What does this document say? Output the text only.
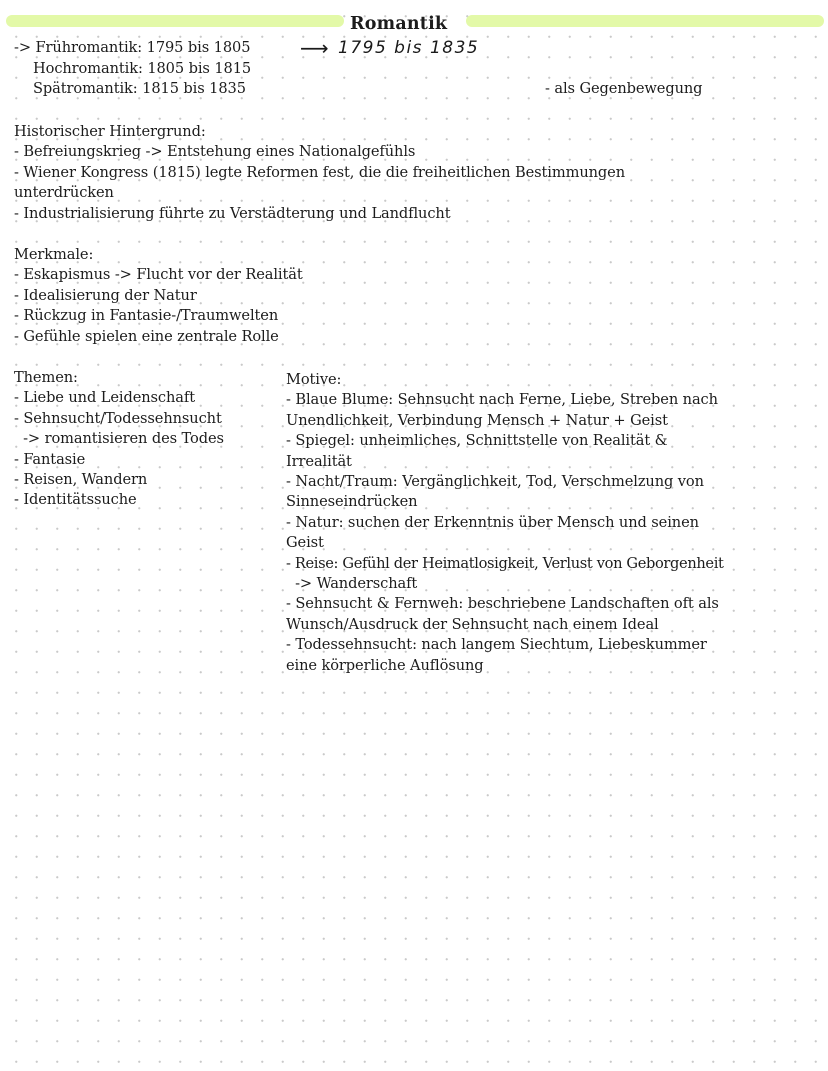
Romantik
-> Frühromantik: 1795 bis 1805
Hochromantik: 1805 bis 1815
Spätromantik: 1815 bis 1835
⟶ 1795 bis 1835
- als Gegenbewegung
Historischer Hintergrund:
- Befreiungskrieg -> Entstehung eines Nationalgefühls
- Wiener Kongress (1815) legte Reformen fest, die die freiheitlichen Bestimmungen
unterdrücken
- Industrialisierung führte zu Verstädterung und Landflucht
Merkmale:
- Eskapismus -> Flucht vor der Realität
- Idealisierung der Natur
- Rückzug in Fantasie-/Traumwelten
- Gefühle spielen eine zentrale Rolle
Themen:
- Liebe und Leidenschaft
- Sehnsucht/Todessehnsucht
-> romantisieren des Todes
- Fantasie
- Reisen, Wandern
- Identitätssuche
Motive:
- Blaue Blume: Sehnsucht nach Ferne, Liebe, Streben nach
Unendlichkeit, Verbindung Mensch + Natur + Geist
- Spiegel: unheimliches, Schnittstelle von Realität &
Irrealität
- Nacht/Traum: Vergänglichkeit, Tod, Verschmelzung von
Sinneseindrücken
- Natur: suchen der Erkenntnis über Mensch und seinen
Geist
- Reise: Gefühl der Heimatlosigkeit, Verlust von Geborgenheit
-> Wanderschaft
- Sehnsucht & Fernweh: beschriebene Landschaften oft als
Wunsch/Ausdruck der Sehnsucht nach einem Ideal
- Todessehnsucht: nach langem Siechtum, Liebeskummer
eine körperliche Auflösung
